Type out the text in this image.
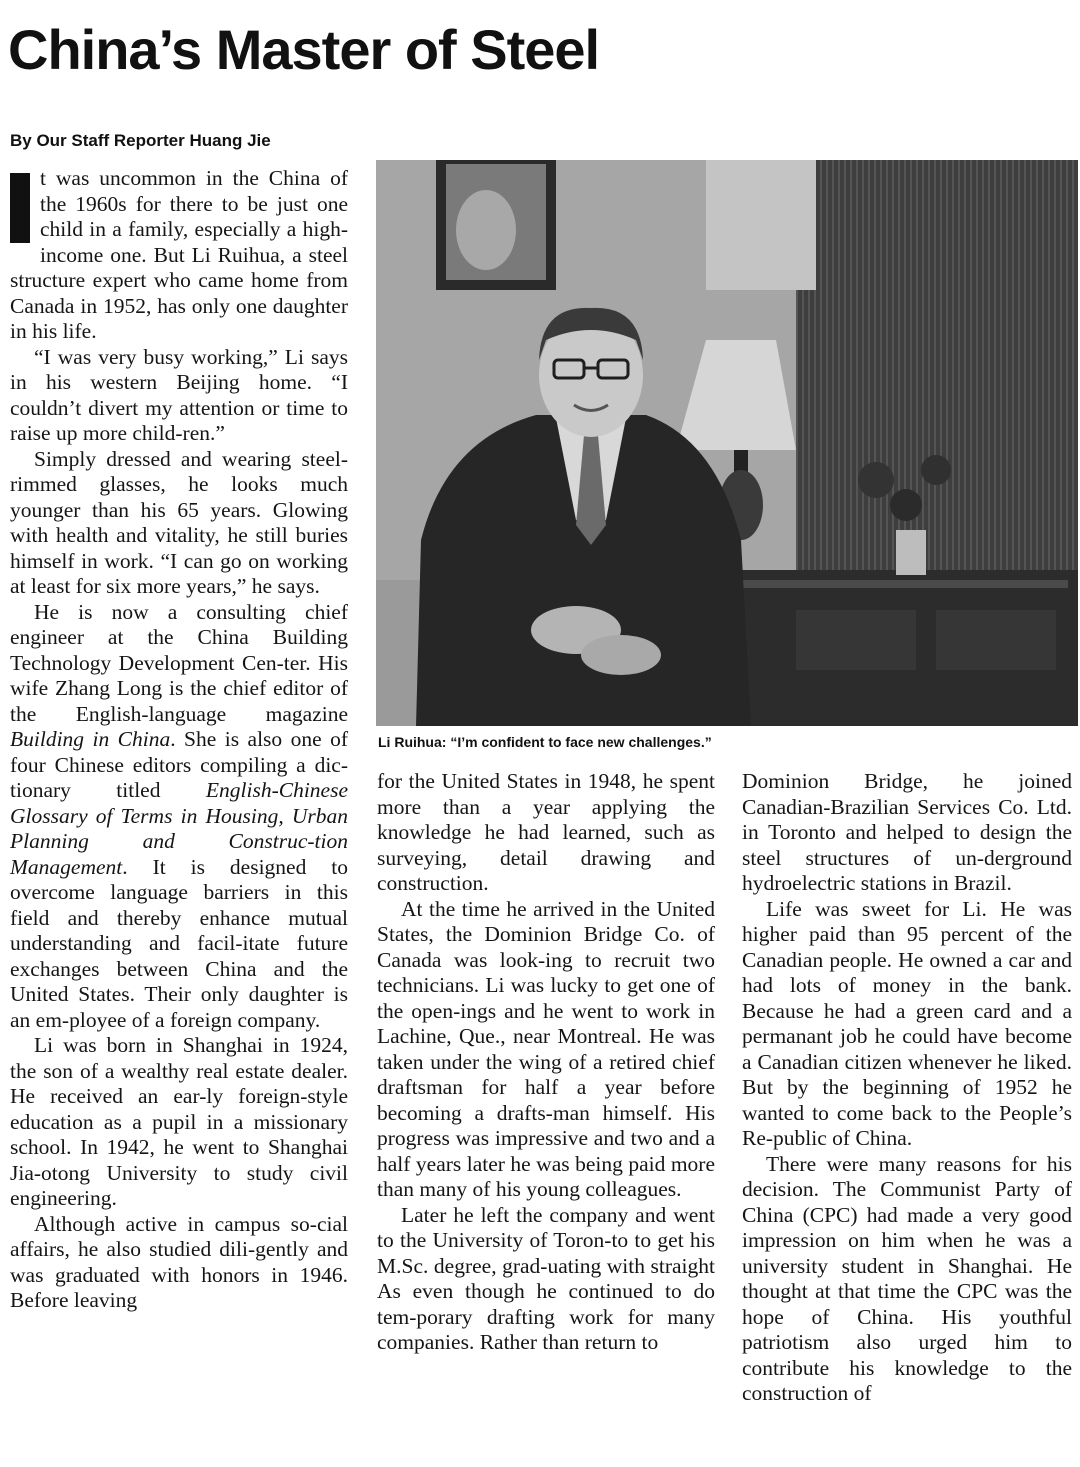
China’s Master of Steel
By Our Staff Reporter Huang Jie

t was uncommon in the China of the 1960s for there to be just one child in a family, especially a high-income one. But Li Ruihua, a steel structure expert who came home from Canada in 1952, has only one daughter in his life.

“I was very busy working,” Li says in his western Beijing home. “I couldn’t divert my attention or time to raise up more child-ren.”

Simply dressed and wearing steel-rimmed glasses, he looks much younger than his 65 years. Glowing with health and vitality, he still buries himself in work. “I can go on working at least for six more years,” he says.

He is now a consulting chief engineer at the China Building Technology Development Cen-ter. His wife Zhang Long is the chief editor of the English-language magazine Building in China. She is also one of four Chinese editors compiling a dic-tionary titled English-Chinese Glossary of Terms in Housing, Urban Planning and Construc-tion Management. It is designed to overcome language barriers in this field and thereby enhance mutual understanding and facil-itate future exchanges between China and the United States. Their only daughter is an em-ployee of a foreign company.

Li was born in Shanghai in 1924, the son of a wealthy real estate dealer. He received an ear-ly foreign-style education as a pupil in a missionary school. In 1942, he went to Shanghai Jia-otong University to study civil engineering.

Although active in campus so-cial affairs, he also studied dili-gently and was graduated with honors in 1946. Before leaving

Li Ruihua: “I’m confident to face new challenges.”

for the United States in 1948, he spent more than a year applying the knowledge he had learned, such as surveying, detail drawing and construction.

At the time he arrived in the United States, the Dominion Bridge Co. of Canada was look-ing to recruit two technicians. Li was lucky to get one of the open-ings and he went to work in Lachine, Que., near Montreal. He was taken under the wing of a retired chief draftsman for half a year before becoming a drafts-man himself. His progress was impressive and two and a half years later he was being paid more than many of his young colleagues.

Later he left the company and went to the University of Toron-to to get his M.Sc. degree, grad-uating with straight As even though he continued to do tem-porary drafting work for many companies. Rather than return to

Dominion Bridge, he joined Canadian-Brazilian Services Co. Ltd. in Toronto and helped to design the steel structures of un-derground hydroelectric stations in Brazil.

Life was sweet for Li. He was higher paid than 95 percent of the Canadian people. He owned a car and had lots of money in the bank. Because he had a green card and a permanant job he could have become a Canadian citizen whenever he liked. But by the beginning of 1952 he wanted to come back to the People’s Re-public of China.

There were many reasons for his decision. The Communist Party of China (CPC) had made a very good impression on him when he was a university student in Shanghai. He thought at that time the CPC was the hope of China. His youthful patriotism also urged him to contribute his knowledge to the construction of
